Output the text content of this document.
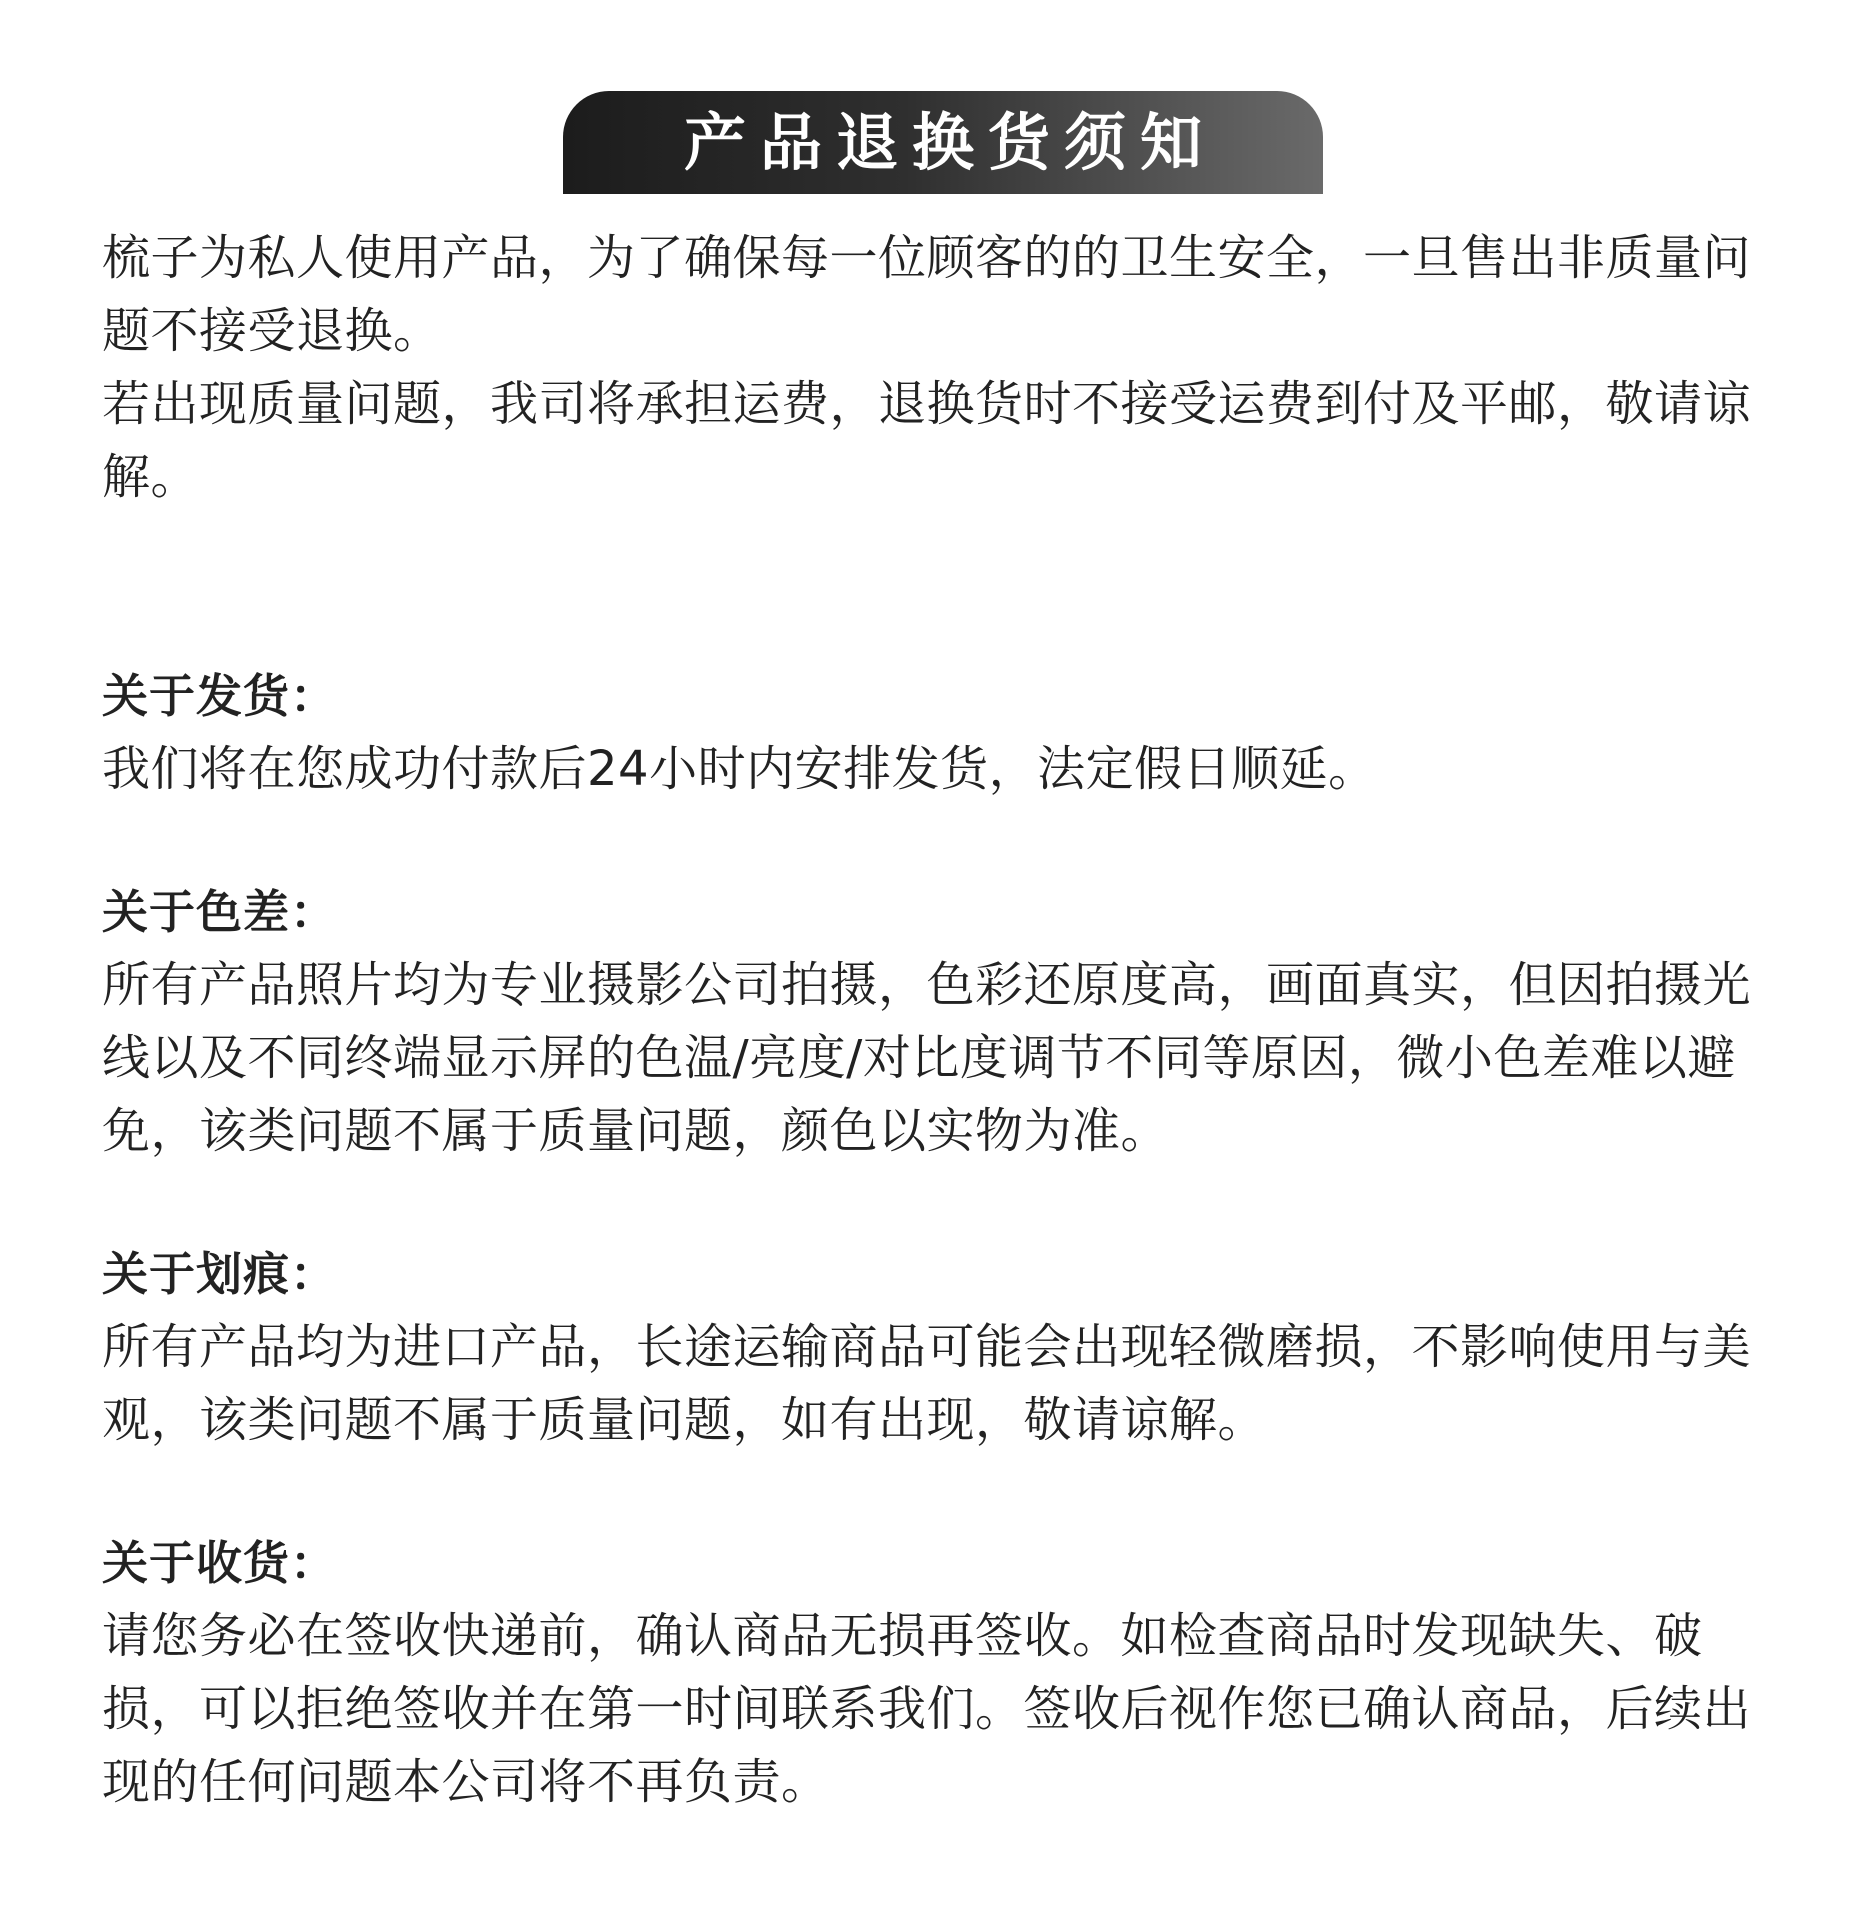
产品退换货须知

梳子为私人使用产品，为了确保每一位顾客的的卫生安全，一旦售出非质量问题不接受退换。

若出现质量问题，我司将承担运费，退换货时不接受运费到付及平邮，敬请谅解。

关于发货：

我们将在您成功付款后24小时内安排发货，法定假日顺延。

关于色差：

所有产品照片均为专业摄影公司拍摄，色彩还原度高，画面真实，但因拍摄光线以及不同终端显示屏的色温/亮度/对比度调节不同等原因，微小色差难以避免，该类问题不属于质量问题，颜色以实物为准。

关于划痕：

所有产品均为进口产品，长途运输商品可能会出现轻微磨损，不影响使用与美观，该类问题不属于质量问题，如有出现，敬请谅解。

关于收货：

请您务必在签收快递前，确认商品无损再签收。如检查商品时发现缺失、破损，可以拒绝签收并在第一时间联系我们。签收后视作您已确认商品，后续出现的任何问题本公司将不再负责。
